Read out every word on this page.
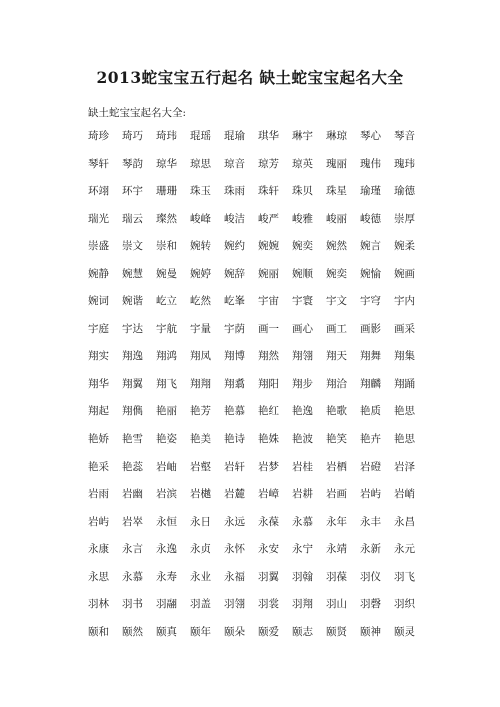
2013蛇宝宝五行起名 缺土蛇宝宝起名大全
缺土蛇宝宝起名大全:
琦珍	琦巧	琦玮	琨瑶	琨瑜	琪华	琳宇	琳琼	琴心	琴音
琴轩	琴韵	琼华	琼思	琼音	琼芳	琼英	瑰丽	瑰伟	瑰玮
环翊	环宇	珊珊	珠玉	珠雨	珠轩	珠贝	珠星	瑜瑾	瑜德
瑞光	瑞云	璨然	峻峰	峻洁	峻严	峻雅	峻丽	峻德	崇厚
崇盛	崇文	崇和	婉转	婉约	婉婉	婉奕	婉然	婉言	婉柔
婉静	婉慧	婉曼	婉婷	婉辞	婉丽	婉顺	婉奕	婉愉	婉画
婉词	婉谐	屹立	屹然	屹峯	宇宙	宇寰	宇文	宇穹	宇内
宇庭	宇达	宇航	宇量	宇荫	画一	画心	画工	画影	画采
翔实	翔逸	翔鸿	翔凤	翔博	翔然	翔翎	翔天	翔舞	翔集
翔华	翔翼	翔飞	翔翔	翔翥	翔阳	翔步	翔洽	翔麟	翔踊
翔起	翔儁	艳丽	艳芳	艳慕	艳红	艳逸	艳歌	艳质	艳思
艳娇	艳雪	艳姿	艳美	艳诗	艳姝	艳波	艳笑	艳卉	艳思
艳采	艳蕊	岩岫	岩壑	岩轩	岩梦	岩桂	岩栖	岩磴	岩泽
岩雨	岩幽	岩滨	岩樾	岩麓	岩嶂	岩耕	岩画	岩屿	岩峭
岩屿	岩崒	永恒	永日	永远	永葆	永慕	永年	永丰	永昌
永康	永言	永逸	永贞	永怀	永安	永宁	永靖	永新	永元
永思	永慕	永寿	永业	永福	羽翼	羽翰	羽葆	羽仪	羽飞
羽林	羽书	羽翮	羽盖	羽翎	羽裳	羽翔	羽山	羽磬	羽织
颐和	颐然	颐真	颐年	颐朵	颐爱	颐志	颐贤	颐神	颐灵
